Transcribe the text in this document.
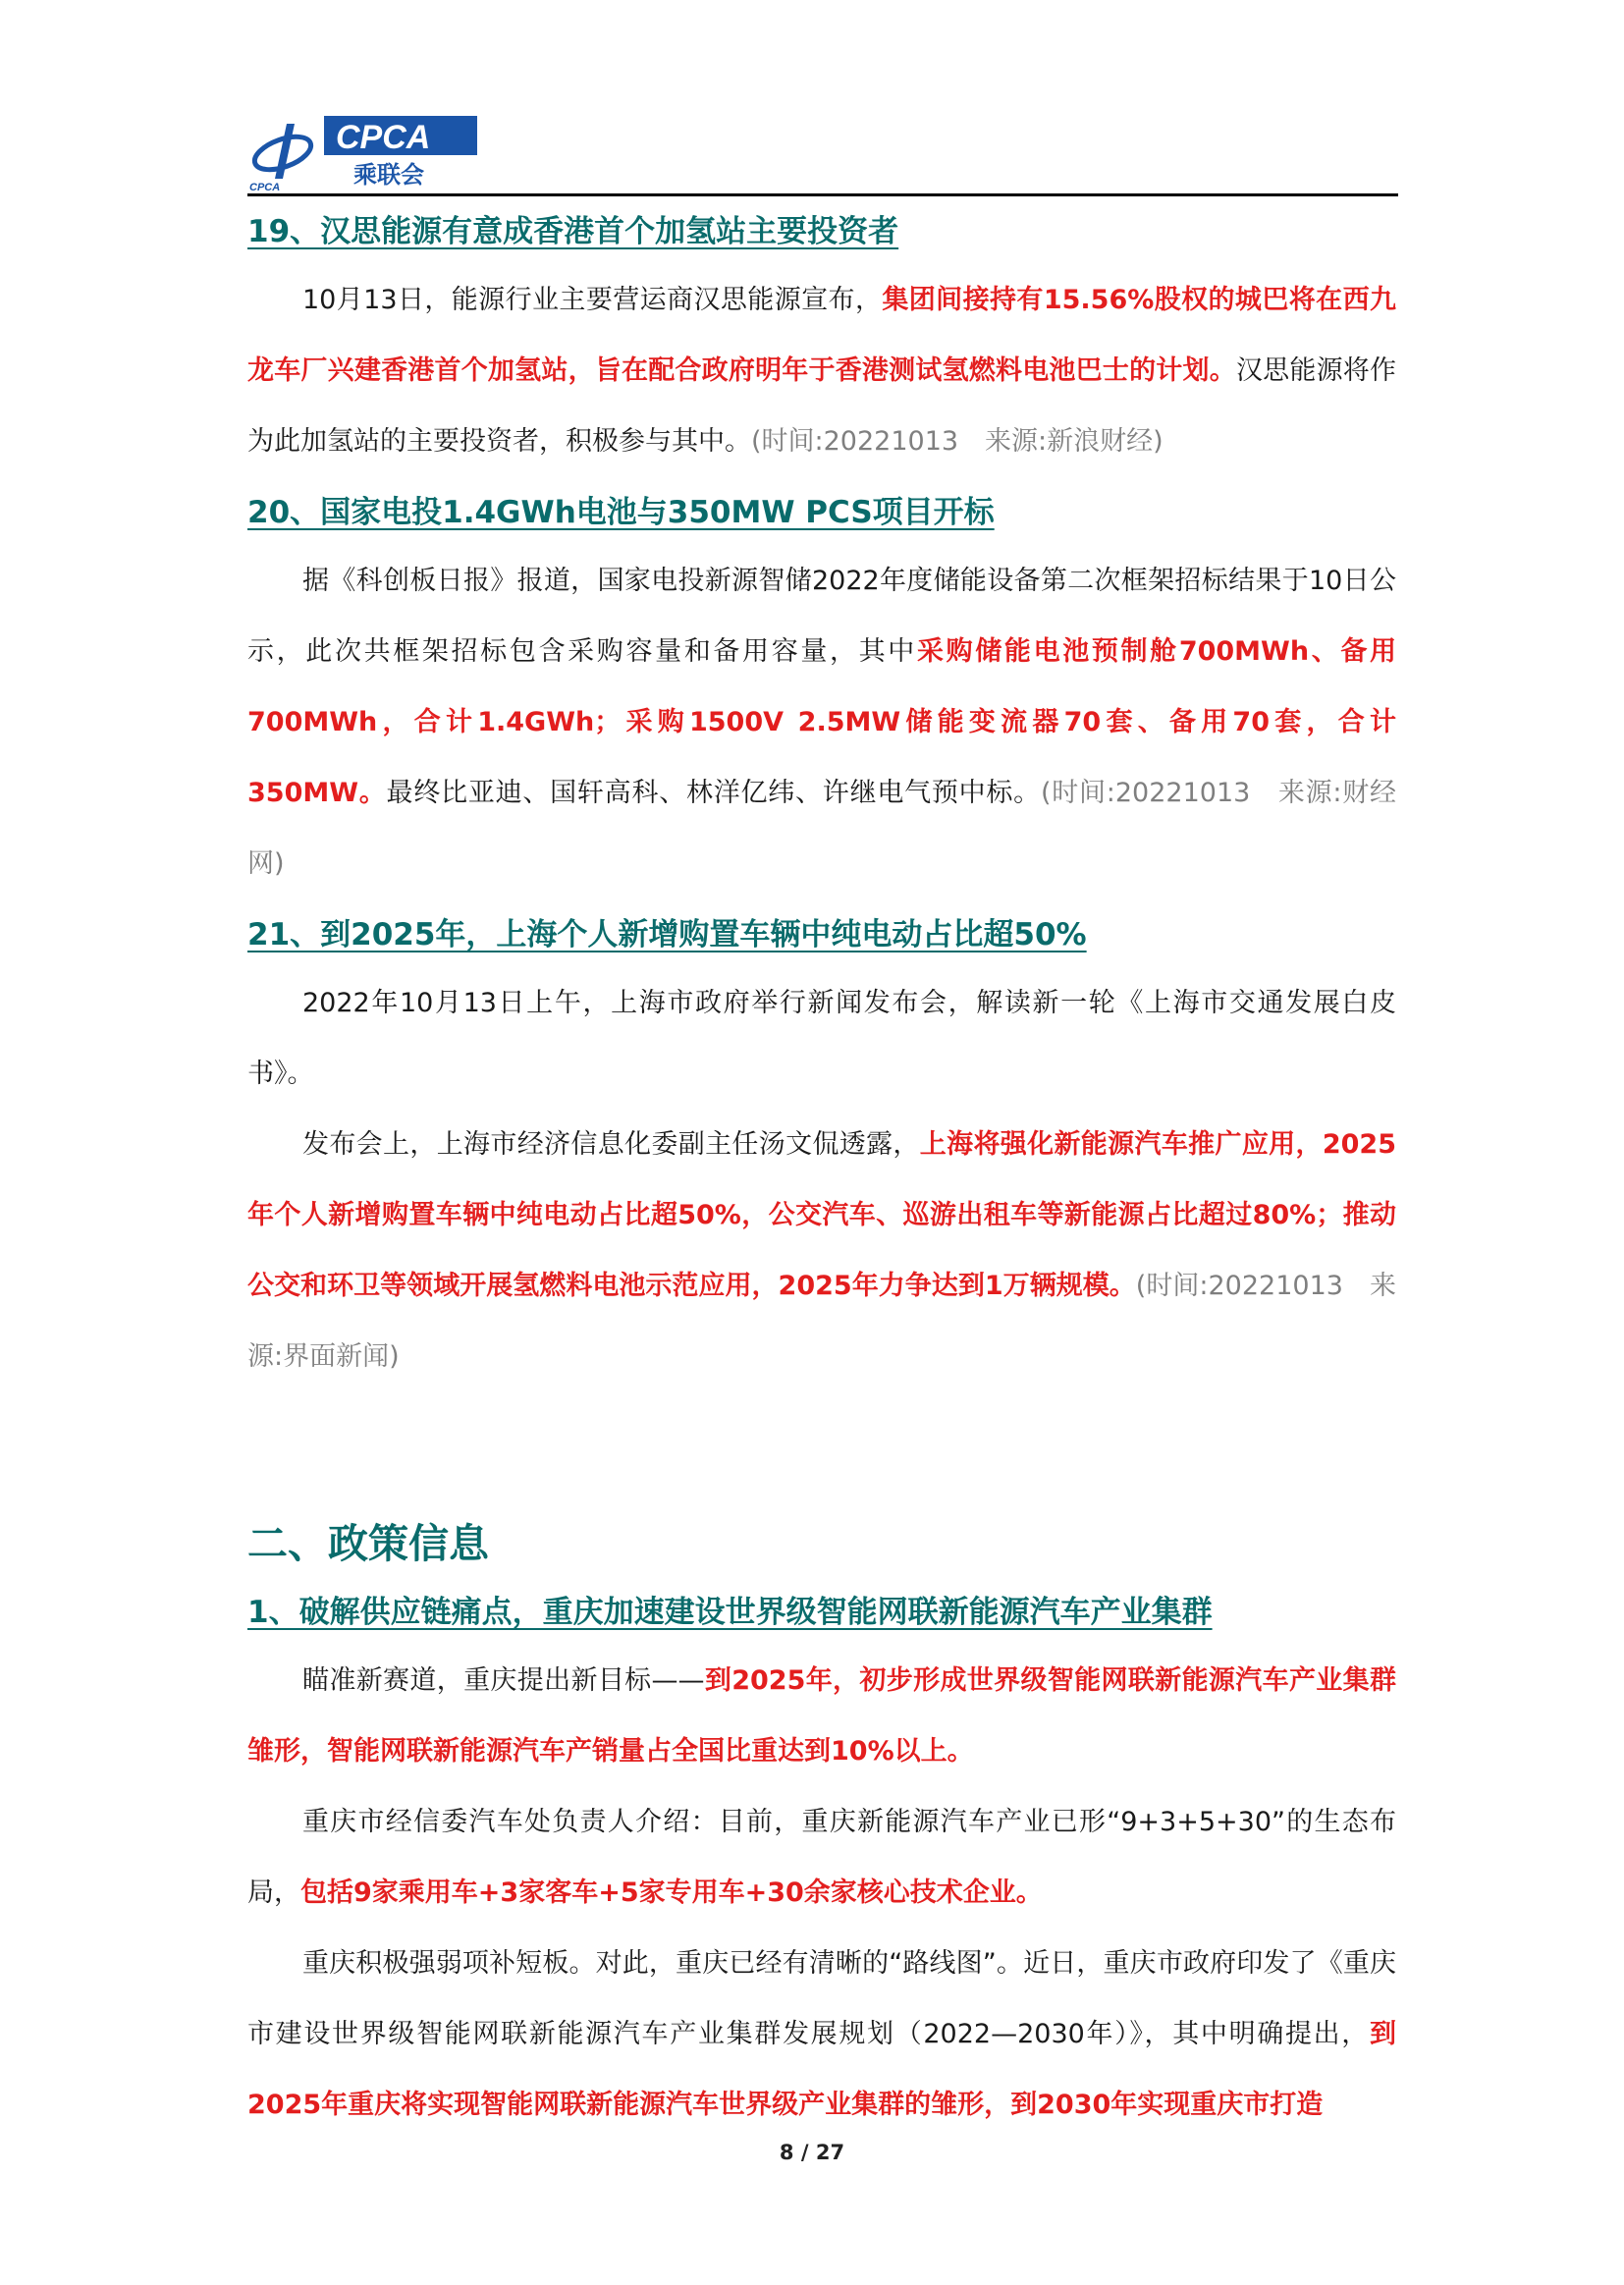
CPCA
乘联会
CPCA
19、汉思能源有意成香港首个加氢站主要投资者

10月13日，能源行业主要营运商汉思能源宣布，集团间接持有15.56%股权的城巴将在西九龙车厂兴建香港首个加氢站，旨在配合政府明年于香港测试氢燃料电池巴士的计划。汉思能源将作为此加氢站的主要投资者，积极参与其中。(时间:20221013　来源:新浪财经)

20、国家电投1.4GWh电池与350MW PCS项目开标

据《科创板日报》报道，国家电投新源智储2022年度储能设备第二次框架招标结果于10日公示，此次共框架招标包含采购容量和备用容量，其中采购储能电池预制舱700MWh、备用700MWh，合计1.4GWh；采购1500V 2.5MW储能变流器70套、备用70套，合计350MW。最终比亚迪、国轩高科、林洋亿纬、许继电气预中标。(时间:20221013　来源:财经网)

21、到2025年，上海个人新增购置车辆中纯电动占比超50%

2022年10月13日上午，上海市政府举行新闻发布会，解读新一轮《上海市交通发展白皮书》。

发布会上，上海市经济信息化委副主任汤文侃透露，上海将强化新能源汽车推广应用，2025年个人新增购置车辆中纯电动占比超50%，公交汽车、巡游出租车等新能源占比超过80%；推动公交和环卫等领域开展氢燃料电池示范应用，2025年力争达到1万辆规模。(时间:20221013　来源:界面新闻)

二、政策信息
1、破解供应链痛点，重庆加速建设世界级智能网联新能源汽车产业集群

瞄准新赛道，重庆提出新目标——到2025年，初步形成世界级智能网联新能源汽车产业集群雏形，智能网联新能源汽车产销量占全国比重达到10%以上。

重庆市经信委汽车处负责人介绍：目前，重庆新能源汽车产业已形“9+3+5+30”的生态布局，包括9家乘用车+3家客车+5家专用车+30余家核心技术企业。

重庆积极强弱项补短板。对此，重庆已经有清晰的“路线图”。近日，重庆市政府印发了《重庆市建设世界级智能网联新能源汽车产业集群发展规划（2022—2030年）》，其中明确提出，到2025年重庆将实现智能网联新能源汽车世界级产业集群的雏形，到2030年实现重庆市打造

8 / 27
